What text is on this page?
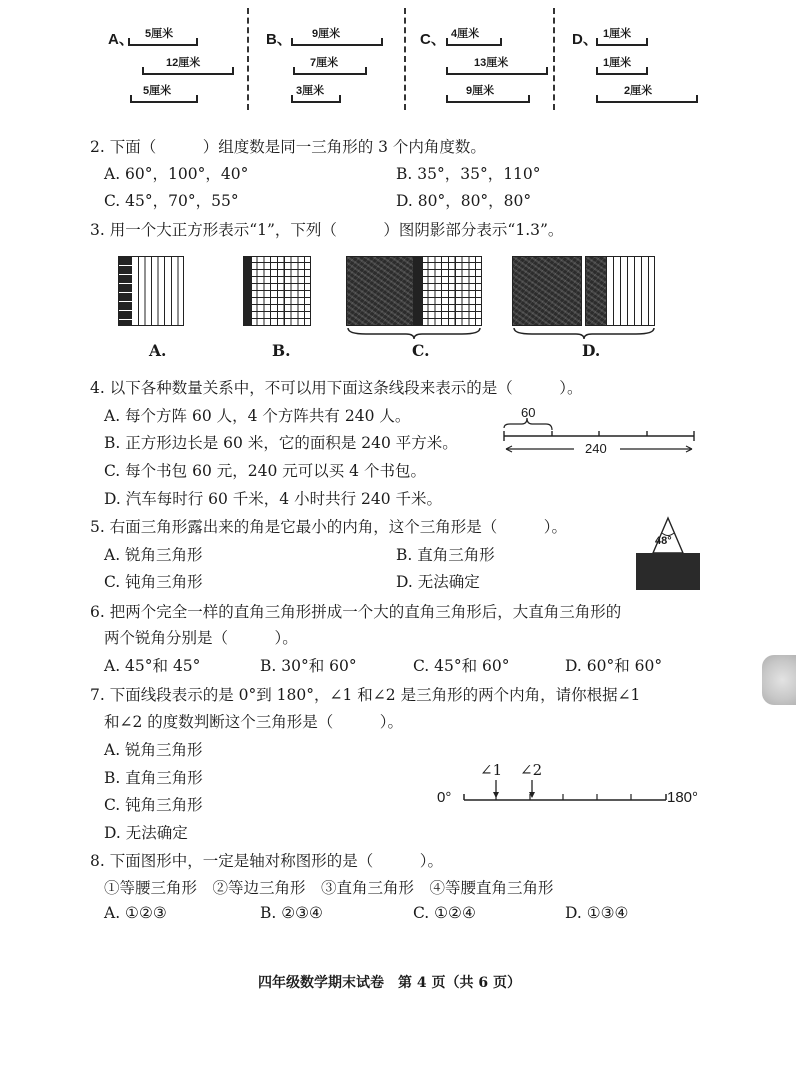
A、 5厘米
12厘米
5厘米
B、 9厘米
7厘米
3厘米
C、 4厘米
13厘米
9厘米
D、 1厘米
1厘米
2厘米
2. 下面（　　　）组度数是同一三角形的 3 个内角度数。
A. 60°，100°，40°	B. 35°，35°，110°
C. 45°，70°，55°	D. 80°，80°，80°
3. 用一个大正方形表示“1”，下列（　　　）图阴影部分表示“1.3”。
A.	B.	C.	D.
4. 以下各种数量关系中，不可以用下面这条线段来表示的是（　　　）。
A. 每个方阵 60 人，4 个方阵共有 240 人。
B. 正方形边长是 60 米，它的面积是 240 平方米。
C. 每个书包 60 元，240 元可以买 4 个书包。
D. 汽车每时行 60 千米，4 小时共行 240 千米。
60
240
5. 右面三角形露出来的角是它最小的内角，这个三角形是（　　　）。
A. 锐角三角形	B. 直角三角形
C. 钝角三角形	D. 无法确定
48°
6. 把两个完全一样的直角三角形拼成一个大的直角三角形后，大直角三角形的
两个锐角分别是（　　　）。
A. 45°和 45°	B. 30°和 60°	C. 45°和 60°	D. 60°和 60°
7. 下面线段表示的是 0°到 180°，∠1 和∠2 是三角形的两个内角，请你根据∠1
和∠2 的度数判断这个三角形是（　　　）。
A. 锐角三角形
B. 直角三角形
C. 钝角三角形
D. 无法确定
∠1 ∠2
0°	180°
8. 下面图形中，一定是轴对称图形的是（　　　）。
①等腰三角形　②等边三角形　③直角三角形　④等腰直角三角形
A. ①②③	B. ②③④	C. ①②④	D. ①③④
四年级数学期末试卷　第 4 页（共 6 页）
